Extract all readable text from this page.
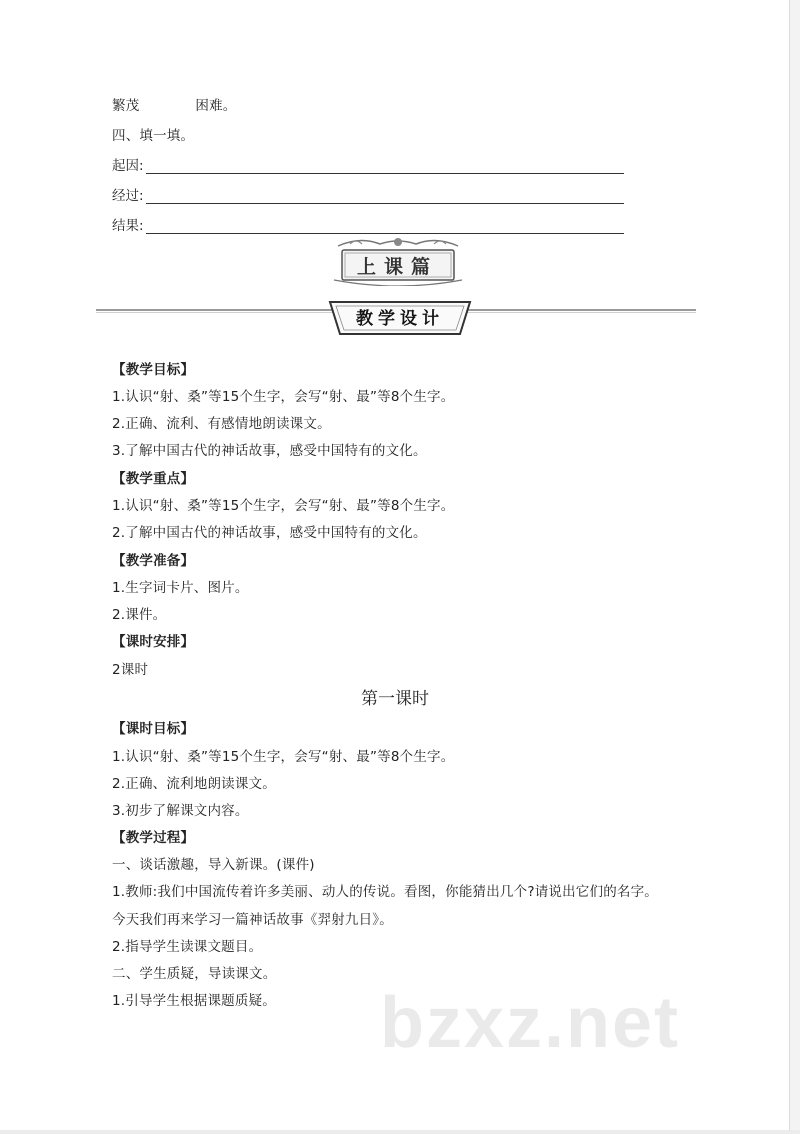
繁茂	困难。
四、填一填。
起因:
经过:
结果:
上课篇
教学设计
【教学目标】
1.认识“射、桑”等15个生字，会写“射、最”等8个生字。
2.正确、流利、有感情地朗读课文。
3.了解中国古代的神话故事，感受中国特有的文化。
【教学重点】
1.认识“射、桑”等15个生字，会写“射、最”等8个生字。
2.了解中国古代的神话故事，感受中国特有的文化。
【教学准备】
1.生字词卡片、图片。
2.课件。
【课时安排】
2课时
第一课时
【课时目标】
1.认识“射、桑”等15个生字，会写“射、最”等8个生字。
2.正确、流利地朗读课文。
3.初步了解课文内容。
【教学过程】
一、谈话激趣，导入新课。(课件)
1.教师:我们中国流传着许多美丽、动人的传说。看图，你能猜出几个?请说出它们的名字。
今天我们再来学习一篇神话故事《羿射九日》。
2.指导学生读课文题目。
二、学生质疑，导读课文。
1.引导学生根据课题质疑。 bzxz.net
